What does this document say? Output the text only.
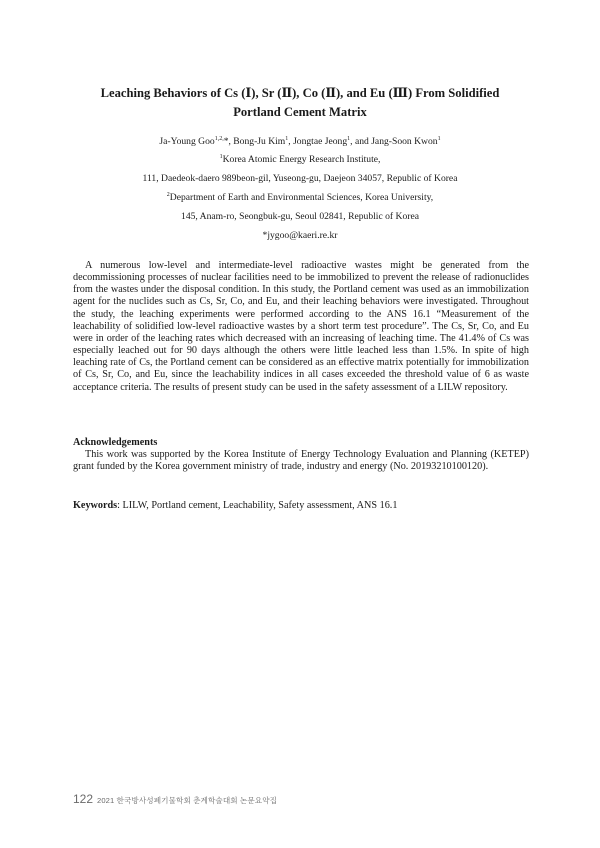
Leaching Behaviors of Cs (Ⅰ), Sr (Ⅱ), Co (Ⅱ), and Eu (Ⅲ) From Solidified
Portland Cement Matrix
Ja-Young Goo$^{1,2,}$*, Bong-Ju Kim$^1$, Jongtae Jeong$^1$, and Jang-Soon Kwon$^1$
$^1$Korea Atomic Energy Research Institute,
111, Daedeok-daero 989beon-gil, Yuseong-gu, Daejeon 34057, Republic of Korea
$^2$Department of Earth and Environmental Sciences, Korea University,
145, Anam-ro, Seongbuk-gu, Seoul 02841, Republic of Korea
*jygoo@kaeri.re.kr

A numerous low-level and intermediate-level radioactive wastes might be generated from the decommissioning processes of nuclear facilities need to be immobilized to prevent the release of radionuclides from the wastes under the disposal condition. In this study, the Portland cement was used as an immobilization agent for the nuclides such as Cs, Sr, Co, and Eu, and their leaching behaviors were investigated. Throughout the study, the leaching experiments were performed according to the ANS 16.1 “Measurement of the leachability of solidified low-level radioactive wastes by a short term test procedure”. The Cs, Sr, Co, and Eu were in order of the leaching rates which decreased with an increasing of leaching time. The 41.4% of Cs was especially leached out for 90 days although the others were little leached less than 1.5%. In spite of high leaching rate of Cs, the Portland cement can be considered as an effective matrix potentially for immobilization of Cs, Sr, Co, and Eu, since the leachability indices in all cases exceeded the threshold value of 6 as waste acceptance criteria. The results of present study can be used in the safety assessment of a LILW repository.

Acknowledgements

This work was supported by the Korea Institute of Energy Technology Evaluation and Planning (KETEP) grant funded by the Korea government ministry of trade, industry and energy (No. 20193210100120).

Keywords: LILW, Portland cement, Leachability, Safety assessment, ANS 16.1
122 2021 한국방사성폐기물학회 춘계학술대회 논문요약집
